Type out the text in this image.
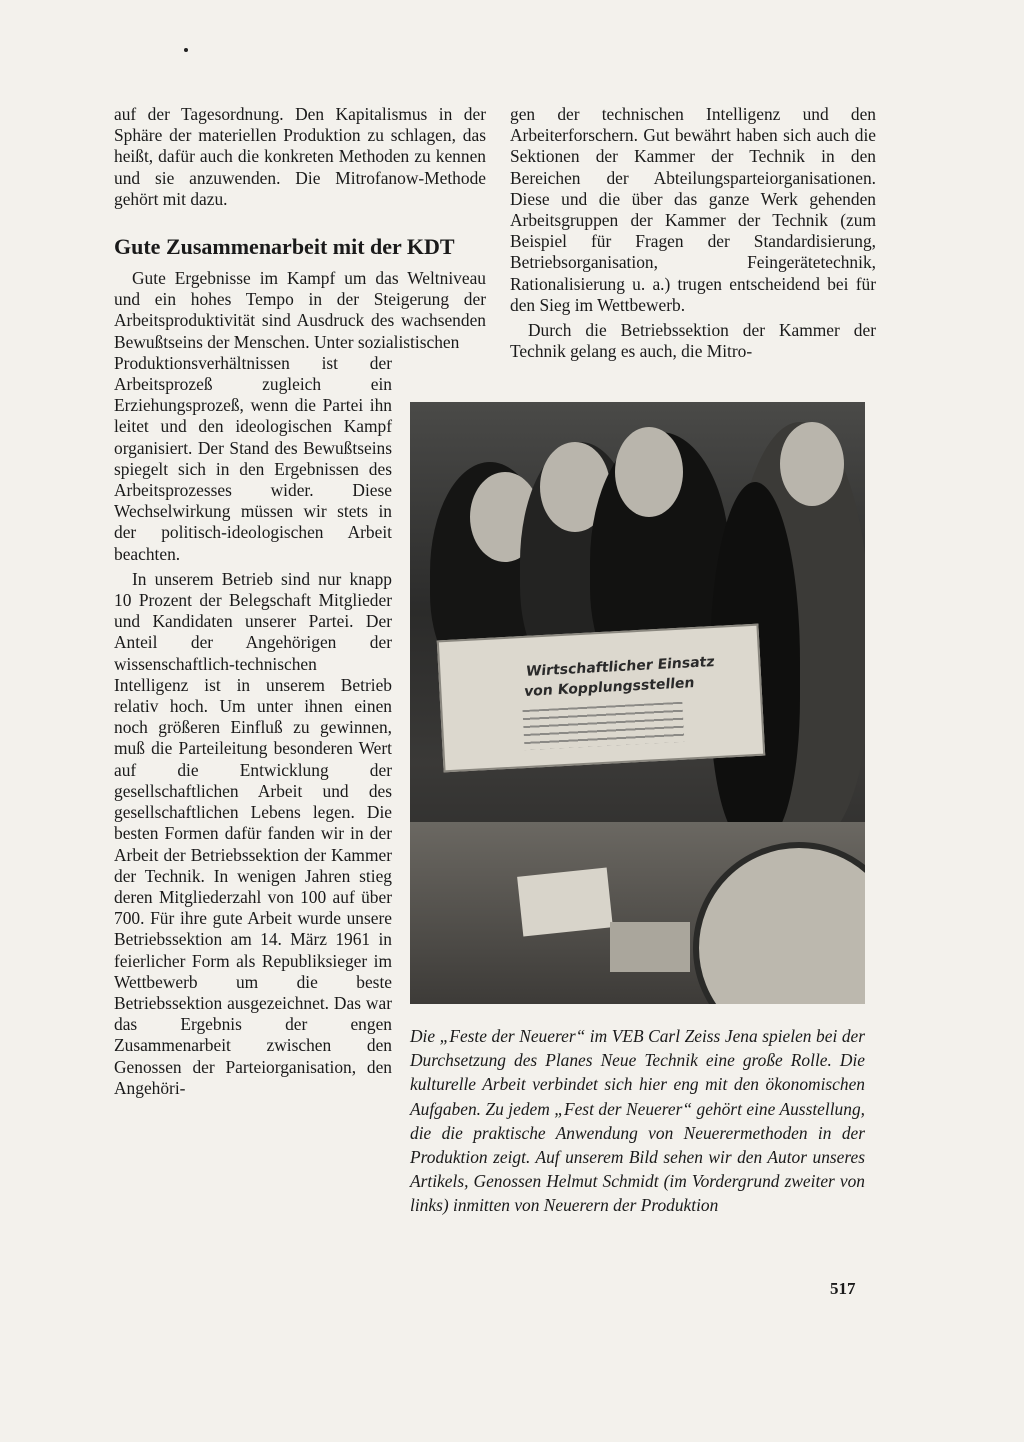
auf der Tagesordnung. Den Kapitalismus in der Sphäre der materiellen Produktion zu schlagen, das heißt, dafür auch die konkreten Methoden zu kennen und sie anzuwenden. Die Mitrofanow-Methode gehört mit dazu.

Gute Zusammenarbeit mit der KDT

Gute Ergebnisse im Kampf um das Weltniveau und ein hohes Tempo in der Steigerung der Arbeitsproduktivität sind Ausdruck des wachsenden Bewußtseins der Menschen. Unter sozialistischen

Produktionsverhältnissen ist der Arbeitsprozeß zugleich ein Erziehungsprozeß, wenn die Partei ihn leitet und den ideologischen Kampf organisiert. Der Stand des Bewußtseins spiegelt sich in den Ergebnissen des Arbeitsprozesses wider. Diese Wechselwirkung müssen wir stets in der politisch-ideologischen Arbeit beachten.

In unserem Betrieb sind nur knapp 10 Prozent der Belegschaft Mitglieder und Kandidaten unserer Partei. Der Anteil der Angehörigen der wissenschaftlich-technischen Intelligenz ist in unserem Betrieb relativ hoch. Um unter ihnen einen noch größeren Einfluß zu gewinnen, muß die Parteileitung besonderen Wert auf die Entwicklung der gesellschaftlichen Arbeit und des gesellschaftlichen Lebens legen. Die besten Formen dafür fanden wir in der Arbeit der Betriebssektion der Kammer der Technik. In wenigen Jahren stieg deren Mitgliederzahl von 100 auf über 700. Für ihre gute Arbeit wurde unsere Betriebssektion am 14. März 1961 in feierlicher Form als Republiksieger im Wettbewerb um die beste Betriebssektion ausgezeichnet. Das war das Ergebnis der engen Zusammenarbeit zwischen den Genossen der Parteiorganisation, den Angehöri-

gen der technischen Intelligenz und den Arbeiterforschern. Gut bewährt haben sich auch die Sektionen der Kammer der Technik in den Bereichen der Abteilungsparteiorganisationen. Diese und die über das ganze Werk gehenden Arbeitsgruppen der Kammer der Technik (zum Beispiel für Fragen der Standardisierung, Betriebsorganisation, Feingerätetechnik, Rationalisierung u. a.) trugen entscheidend bei für den Sieg im Wettbewerb.

Durch die Betriebssektion der Kammer der Technik gelang es auch, die Mitro-

Wirtschaftlicher Einsatz von Kopplungsstellen

Die „Feste der Neuerer“ im VEB Carl Zeiss Jena spielen bei der Durchsetzung des Planes Neue Technik eine große Rolle. Die kulturelle Arbeit verbindet sich hier eng mit den ökonomischen Aufgaben. Zu jedem „Fest der Neuerer“ gehört eine Ausstellung, die die praktische Anwendung von Neuerermethoden in der Produktion zeigt. Auf unserem Bild sehen wir den Autor unseres Artikels, Genossen Helmut Schmidt (im Vordergrund zweiter von links) inmitten von Neuerern der Produktion

517
